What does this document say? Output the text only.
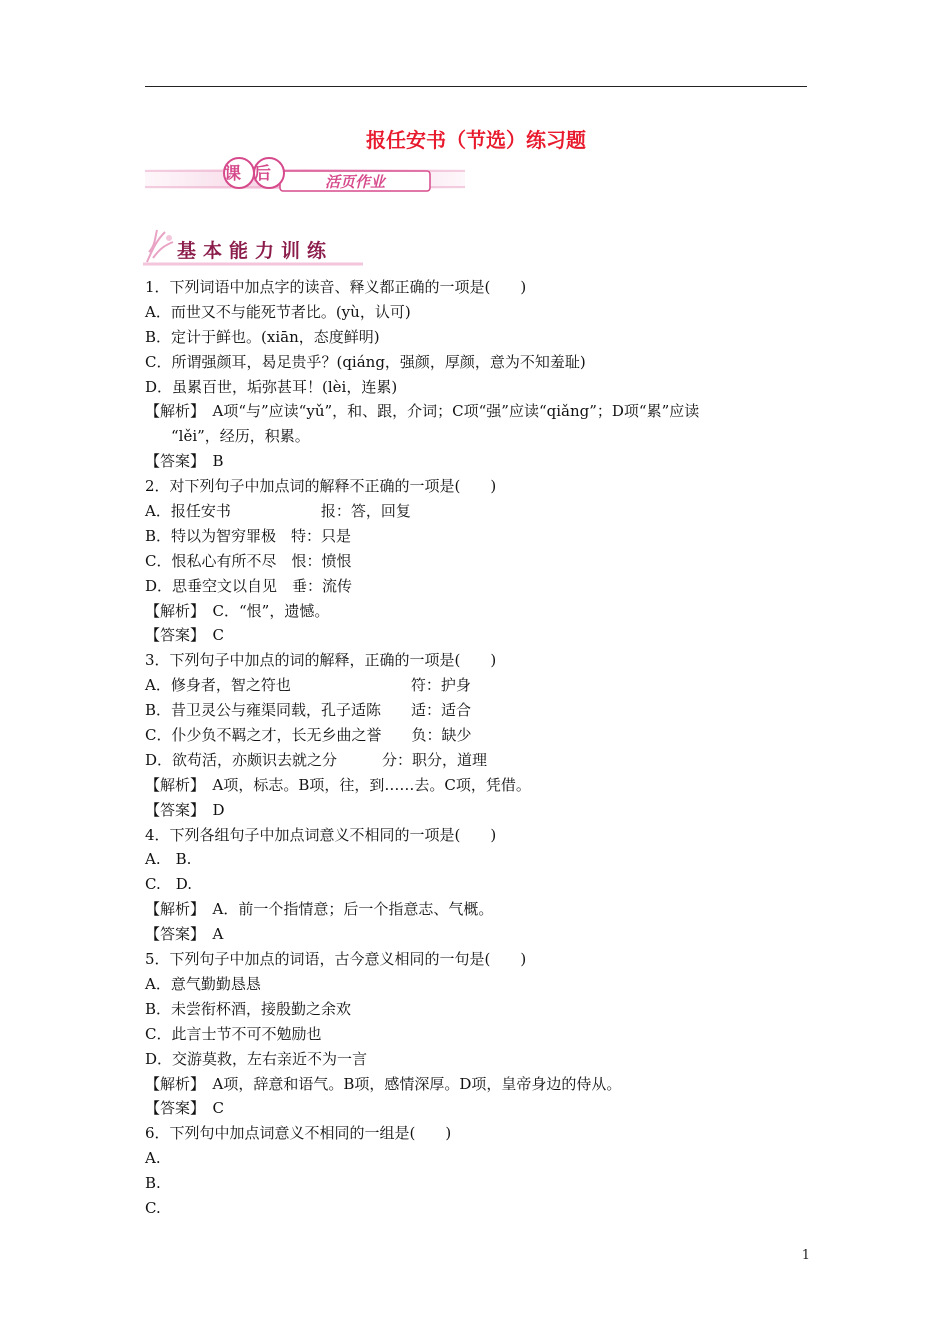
报任安书（节选）练习题
课后	活页作业
基本能力训练
1．下列词语中加点字的读音、释义都正确的一项是(　　)
A．而世又不与能死节者比。(yù，认可)
B．定计于鲜也。(xiān，态度鲜明)
C．所谓强颜耳，曷足贵乎？(qiáng，强颜，厚颜，意为不知羞耻)
D．虽累百世，垢弥甚耳！(lèi，连累)
【解析】　A项“与”应读“yǔ”，和、跟，介词；C项“强”应读“qiǎng”；D项“累”应读
“lěi”，经历，积累。
【答案】　B
2．对下列句子中加点词的解释不正确的一项是(　　)
A．报任安书　　　　　　报：答，回复
B．特以为智穷罪极　特：只是
C．恨私心有所不尽　恨：愤恨
D．思垂空文以自见　垂：流传
【解析】　C．“恨”，遗憾。
【答案】　C
3．下列句子中加点的词的解释，正确的一项是(　　)
A．修身者，智之符也　　　　　　　　符：护身
B．昔卫灵公与雍渠同载，孔子适陈　　适：适合
C．仆少负不羁之才，长无乡曲之誉　　负：缺少
D．欲苟活，亦颇识去就之分　　　分：职分，道理
【解析】　A项，标志。B项，往，到……去。C项，凭借。
【答案】　D
4．下列各组句子中加点词意义不相同的一项是(　　)
A.　B.
C.　D.
【解析】　A．前一个指情意；后一个指意志、气概。
【答案】　A
5．下列句子中加点的词语，古今意义相同的一句是(　　)
A．意气勤勤恳恳
B．未尝衔杯酒，接殷勤之余欢
C．此言士节不可不勉励也
D．交游莫救，左右亲近不为一言
【解析】　A项，辞意和语气。B项，感情深厚。D项，皇帝身边的侍从。
【答案】　C
6．下列句中加点词意义不相同的一组是(　　)
A.
B.
C.
1
